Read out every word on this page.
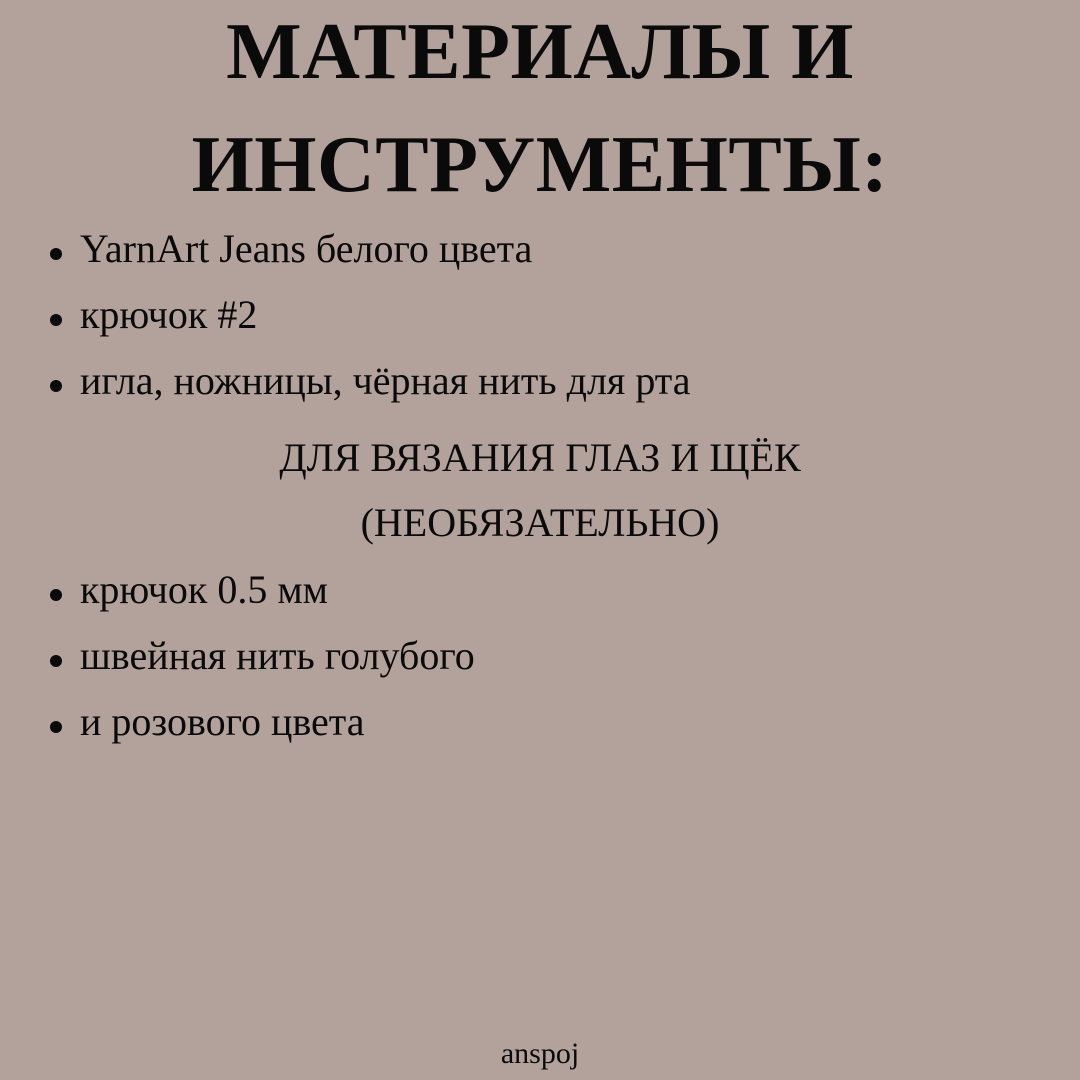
МАТЕРИАЛЫ И
ИНСТРУМЕНТЫ:
YarnArt Jeans белого цвета
крючок #2
игла, ножницы, чёрная нить для рта

ДЛЯ ВЯЗАНИЯ ГЛАЗ И ЩЁК

(НЕОБЯЗАТЕЛЬНО)

крючок 0.5 мм
швейная нить голубого
и розового цвета
anspoj
